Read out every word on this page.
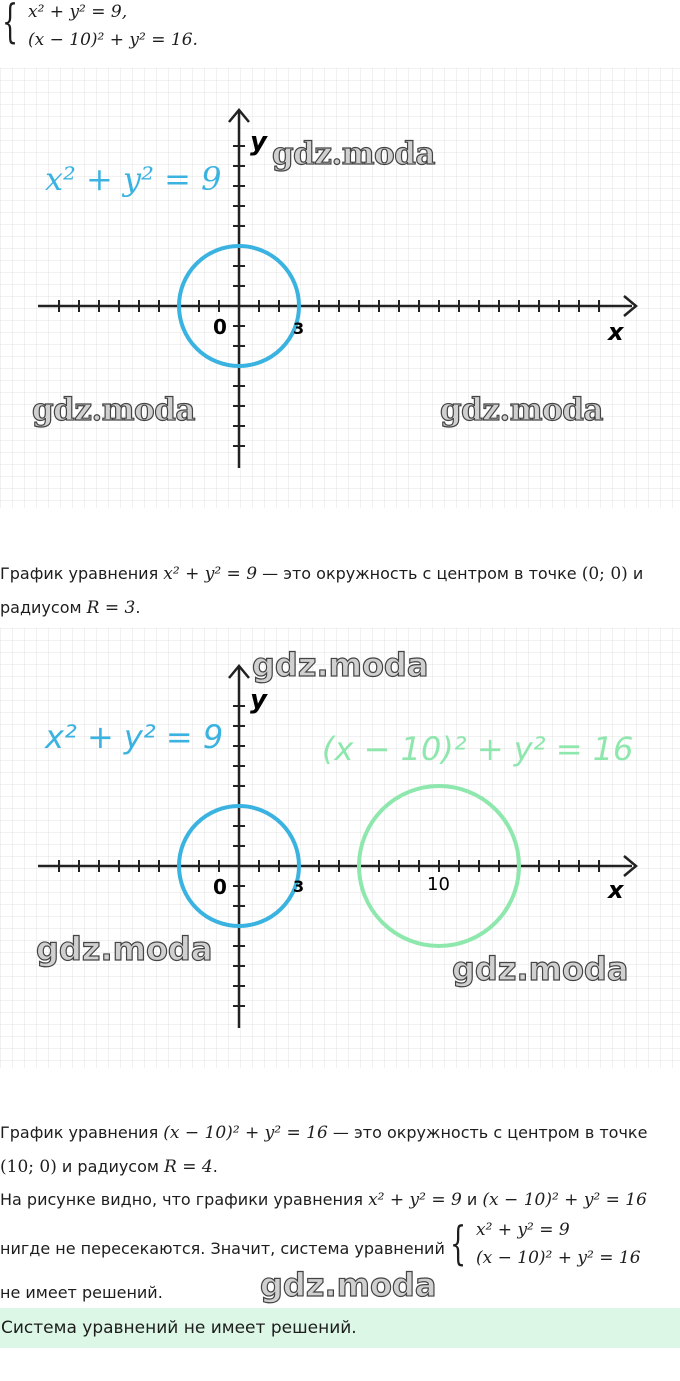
{ x² + y² = 9,
(x − 10)² + y² = 16.
x² + y² = 9
y
x
0	3
gdz.moda
gdz.moda	gdz.moda
График уравнения x² + y² = 9 — это окружность с центром в точке (0; 0) и
радиусом R = 3.
x² + y² = 9	(x − 10)² + y² = 16
y
x
0	3	10
gdz.moda
gdz.moda
gdz.moda
График уравнения (x − 10)² + y² = 16 — это окружность с центром в точке
(10; 0) и радиусом R = 4.
На рисунке видно, что графики уравнения x² + y² = 9 и (x − 10)² + y² = 16
нигде не пересекаются. Значит, система уравнений { x² + y² = 9
(x − 10)² + y² = 16
не имеет решений.	gdz.moda
Система уравнений не имеет решений.
